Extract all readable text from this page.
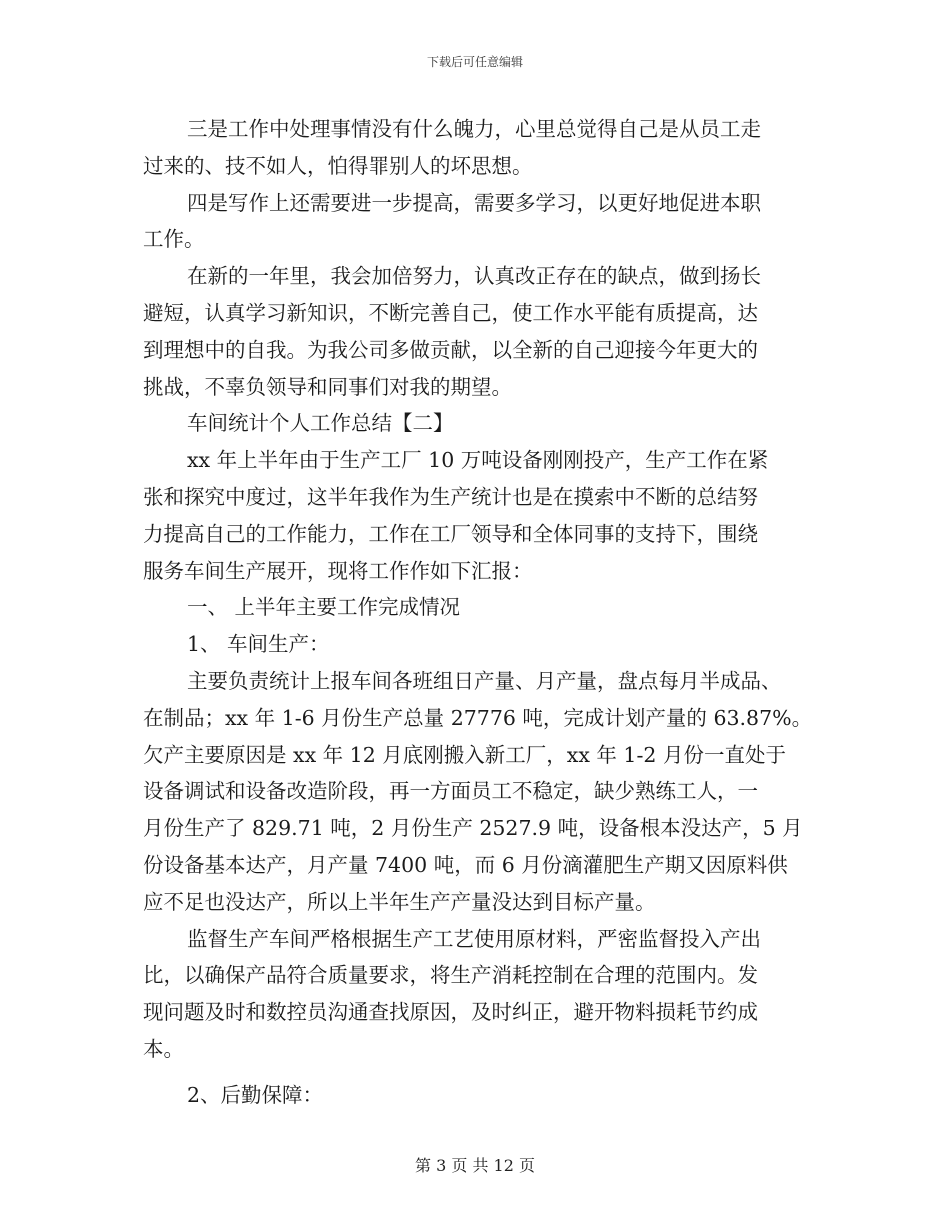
下载后可任意编辑
三是工作中处理事情没有什么魄力，心里总觉得自己是从员工走
过来的、技不如人，怕得罪别人的坏思想。
四是写作上还需要进一步提高，需要多学习，以更好地促进本职
工作。
在新的一年里，我会加倍努力，认真改正存在的缺点，做到扬长
避短，认真学习新知识，不断完善自己，使工作水平能有质提高，达
到理想中的自我。为我公司多做贡献，以全新的自己迎接今年更大的
挑战，不辜负领导和同事们对我的期望。
车间统计个人工作总结【二】
xx 年上半年由于生产工厂 10 万吨设备刚刚投产，生产工作在紧
张和探究中度过，这半年我作为生产统计也是在摸索中不断的总结努
力提高自己的工作能力，工作在工厂领导和全体同事的支持下，围绕
服务车间生产展开，现将工作作如下汇报：
一、 上半年主要工作完成情况
1、 车间生产：
主要负责统计上报车间各班组日产量、月产量，盘点每月半成品、
在制品；xx 年 1-6 月份生产总量 27776 吨，完成计划产量的 63.87%。
欠产主要原因是 xx 年 12 月底刚搬入新工厂，xx 年 1-2 月份一直处于
设备调试和设备改造阶段，再一方面员工不稳定，缺少熟练工人，一
月份生产了 829.71 吨，2 月份生产 2527.9 吨，设备根本没达产，5 月
份设备基本达产，月产量 7400 吨，而 6 月份滴灌肥生产期又因原料供
应不足也没达产，所以上半年生产产量没达到目标产量。
监督生产车间严格根据生产工艺使用原材料，严密监督投入产出
比，以确保产品符合质量要求，将生产消耗控制在合理的范围内。发
现问题及时和数控员沟通查找原因，及时纠正，避开物料损耗节约成
本。
2、后勤保障：
第 3 页 共 12 页
